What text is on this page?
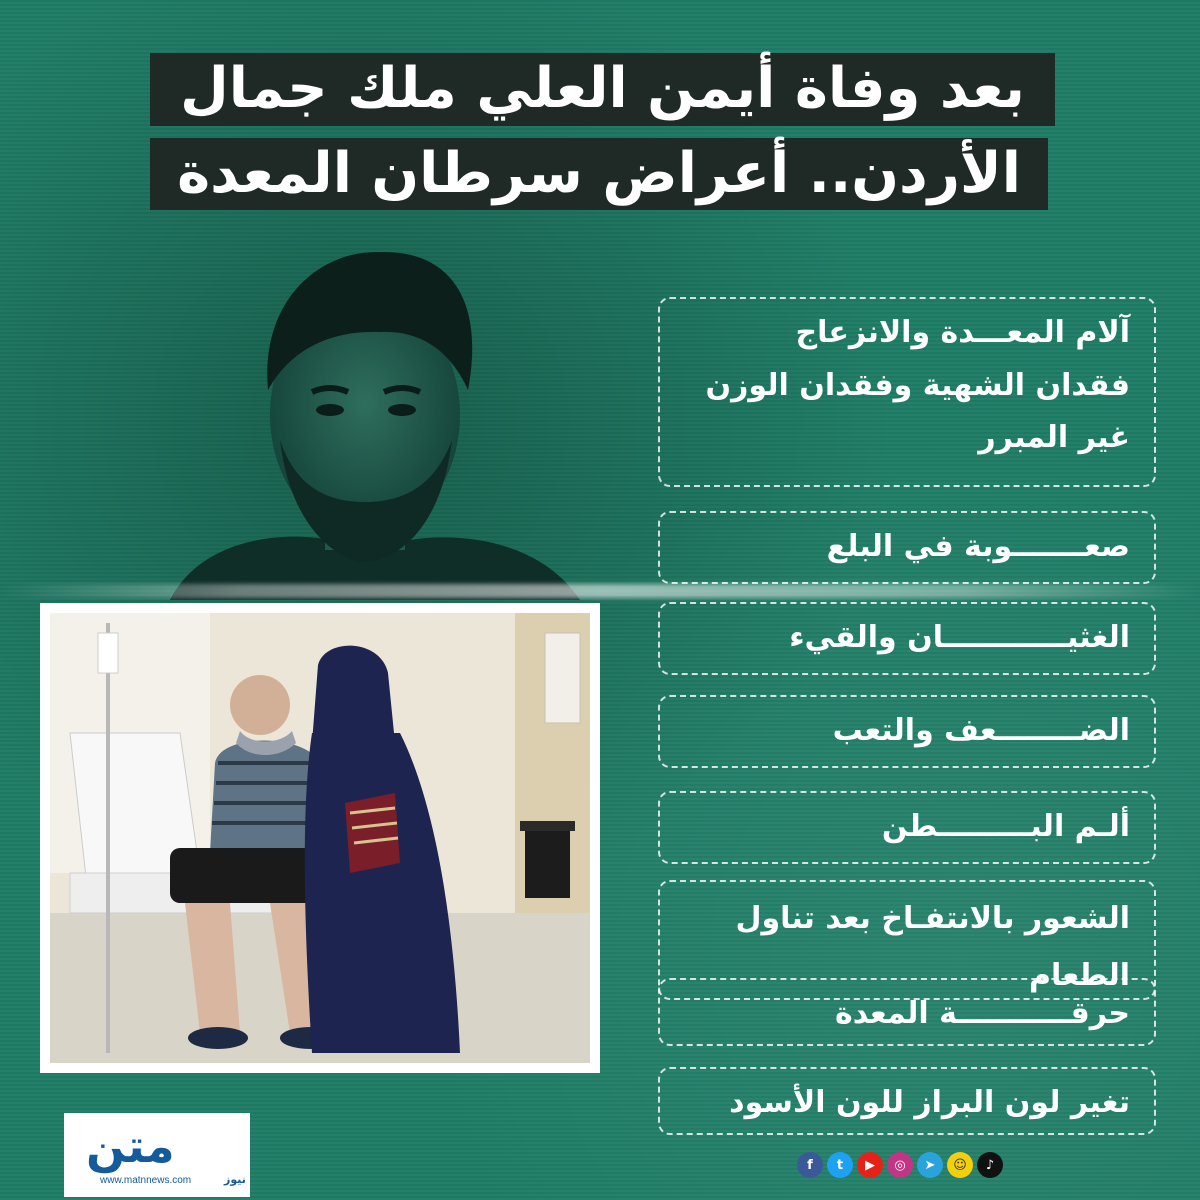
بعد وفاة أيمن العلي ملك جمال
الأردن.. أعراض سرطان المعدة
آلام المعـــدة والانزعاج
فقدان الشهية وفقدان الوزن
غير المبرر
صعـــــــوبة في البلع
الغثيــــــــــــان والقيء
الضــــــــعف والتعب
ألـم البـــــــــطن
الشعور بالانتفـاخ بعد تناول
الطعام
حرقـــــــــــة المعدة
تغير لون البراز للون الأسود
متن
نيوز
www.matnnews.com
f	t	▶	◎	➤	☺	♪
